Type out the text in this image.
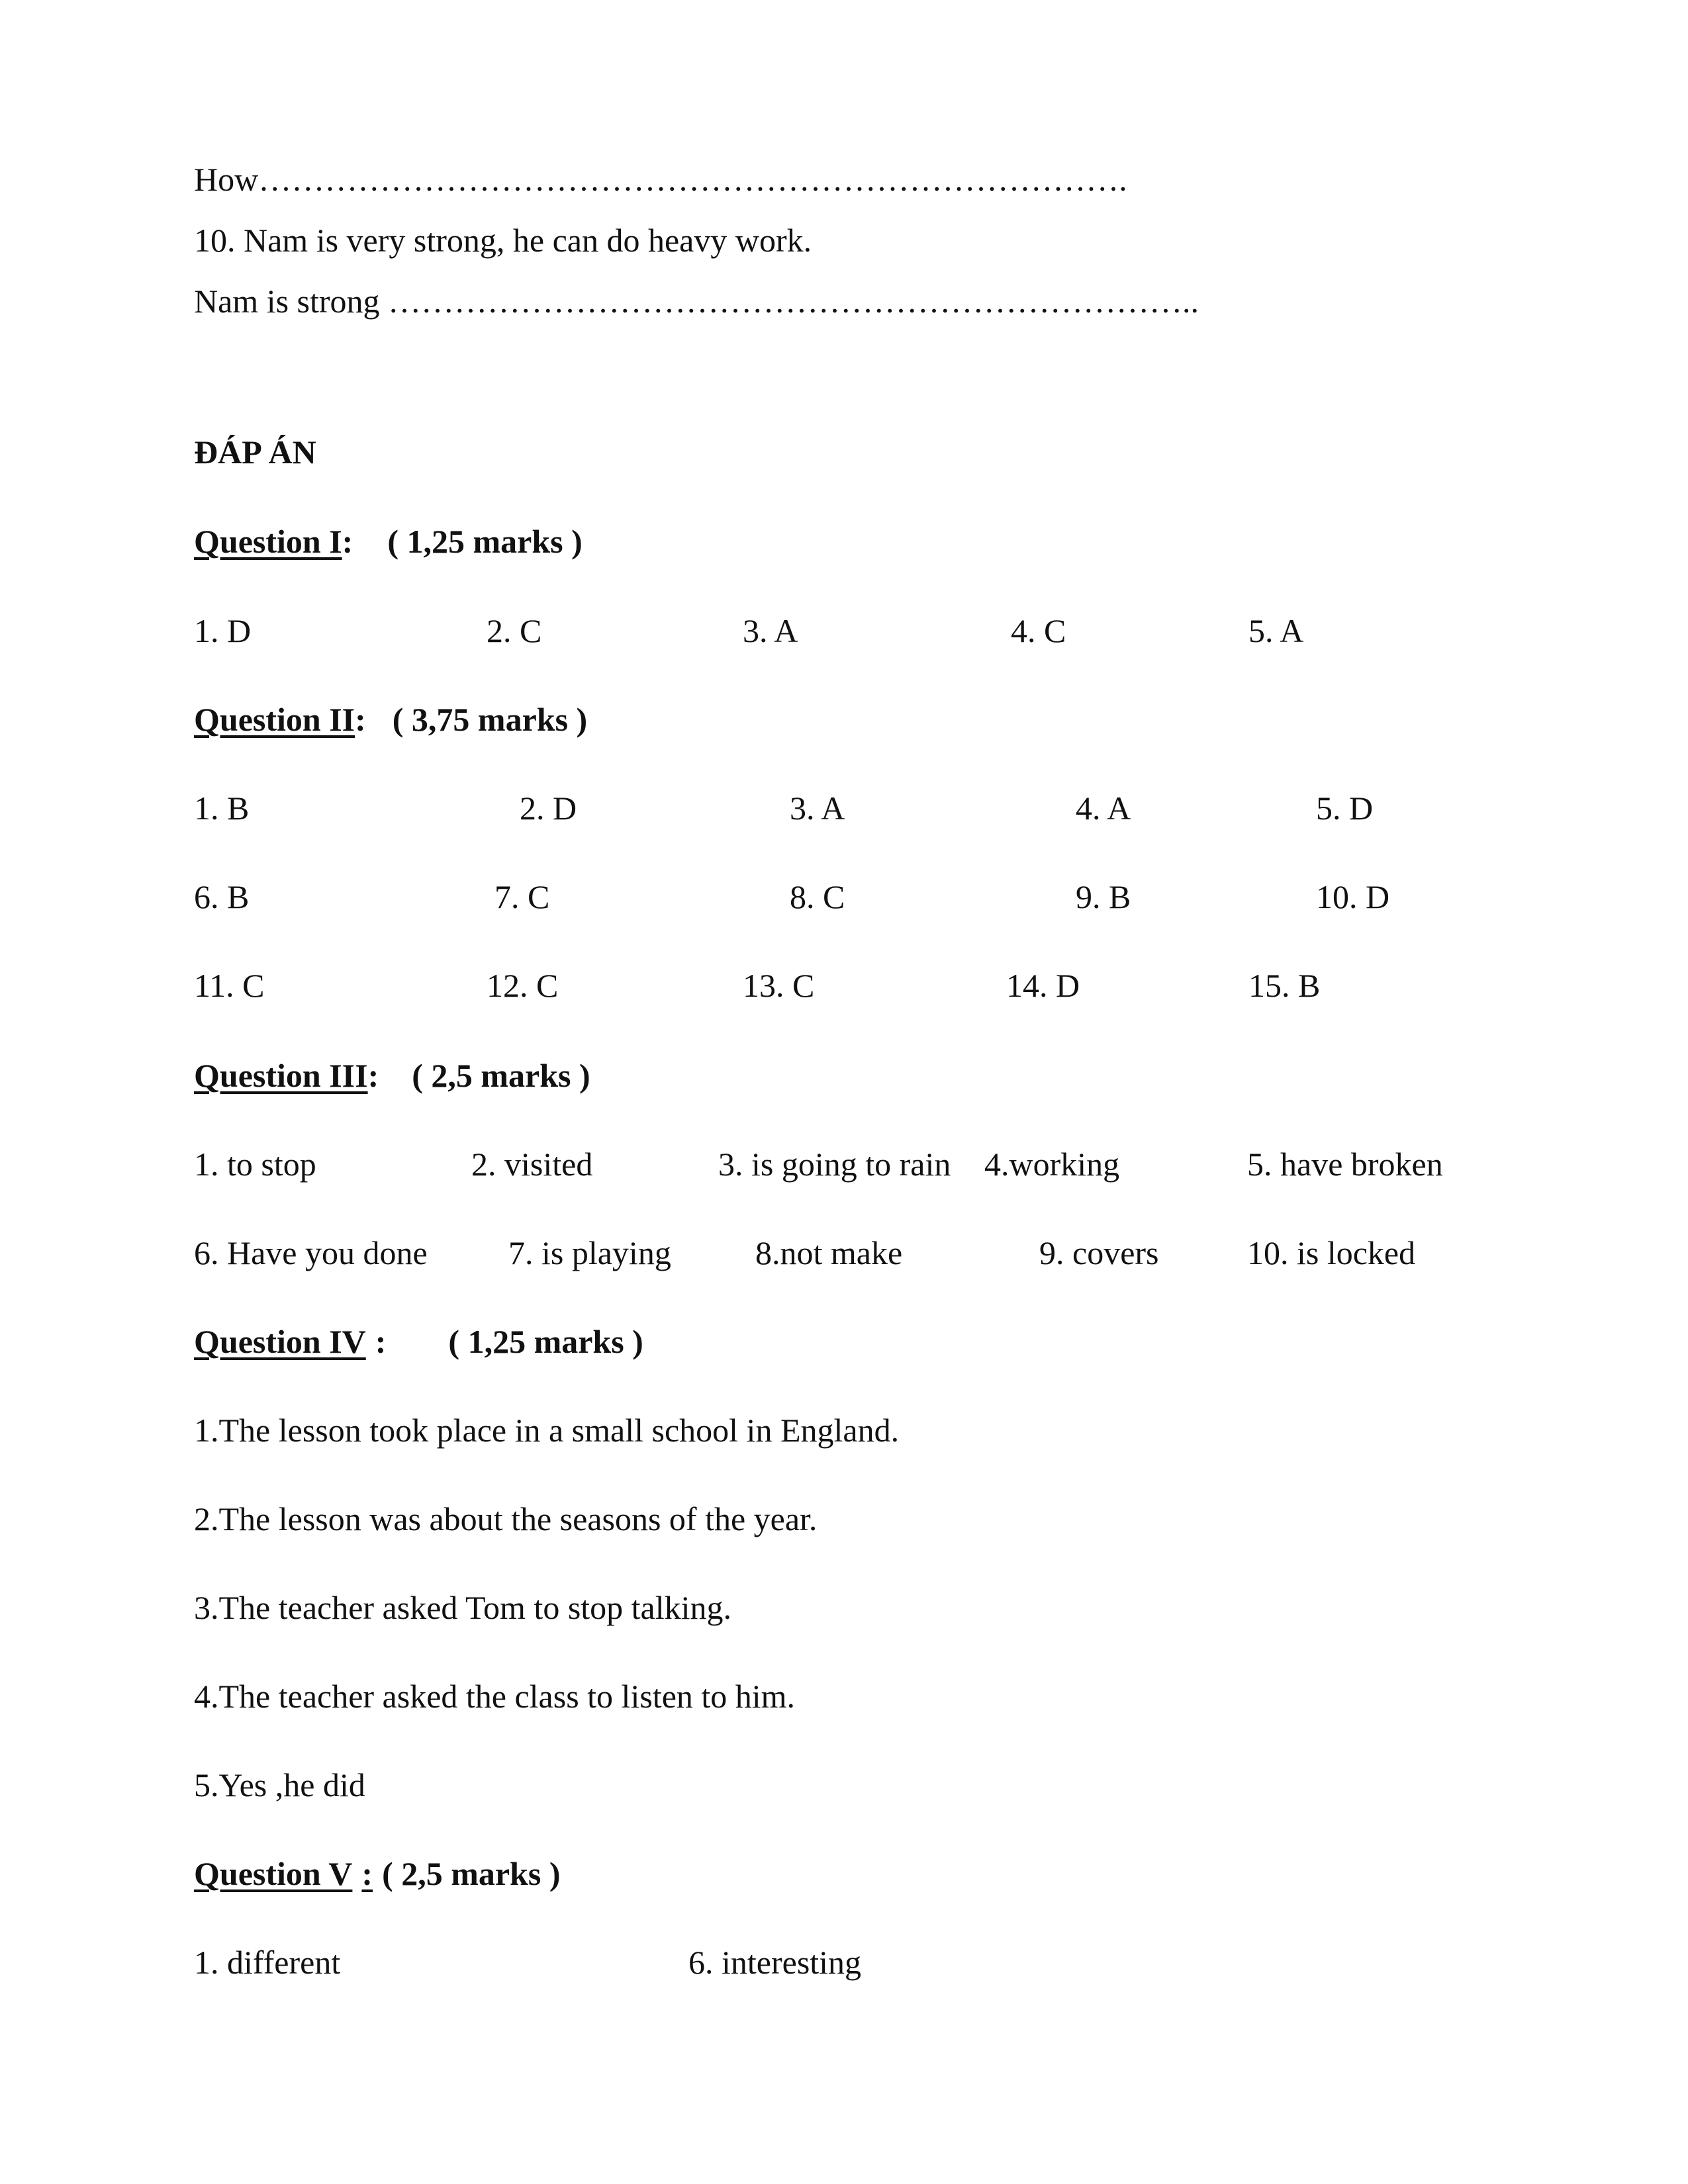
How…………………………………………………………………….
10. Nam is very strong, he can do heavy work.
Nam is strong ………………………………………………………………..
ĐÁP ÁN
Question I: ( 1,25 marks )
1. D	2. C	3. A	4. C	5. A
Question II: ( 3,75 marks )
1. B	2. D	3. A	4. A	5. D
6. B	7. C	8. C	9. B	10. D
11. C	12. C	13. C	14. D	15. B
Question III: ( 2,5 marks )
1. to stop	2. visited	3. is going to rain 4.working	5. have broken
6. Have you done 7. is playing	8.not make	9. covers	10. is locked
Question IV : ( 1,25 marks )
1.The lesson took place in a small school in England.
2.The lesson was about the seasons of the year.
3.The teacher asked Tom to stop talking.
4.The teacher asked the class to listen to him.
5.Yes ,he did
Question V : ( 2,5 marks )
1. different	6. interesting
